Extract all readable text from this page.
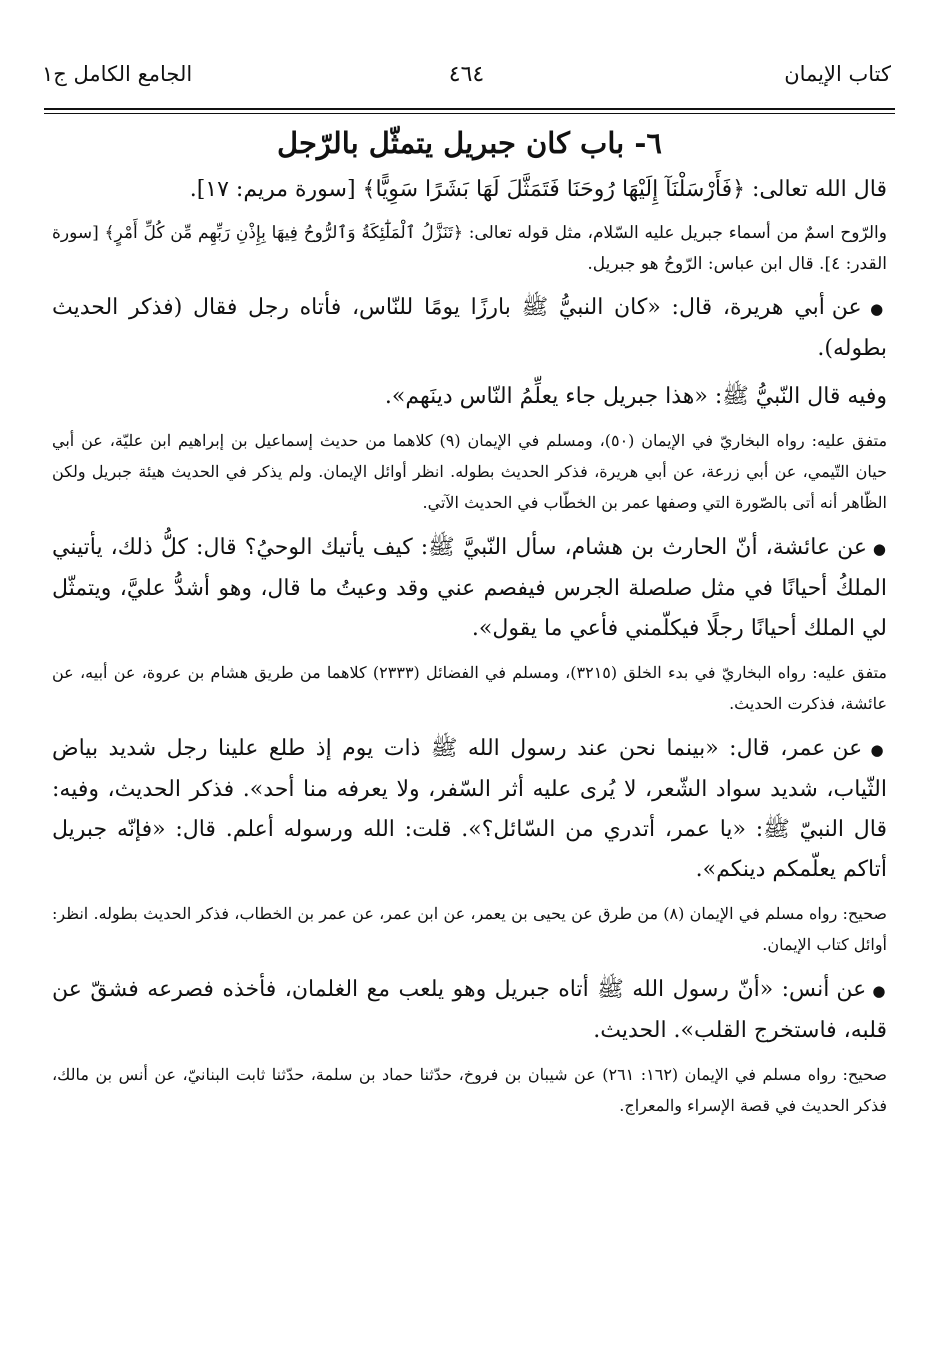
كتاب الإيمان
٤٦٤
الجامع الكامل ج١
٦- باب كان جبريل يتمثّل بالرّجل

قال الله تعالى: ﴿فَأَرْسَلْنَآ إِلَيْهَا رُوحَنَا فَتَمَثَّلَ لَهَا بَشَرًا سَوِيًّا﴾ [سورة مريم: ١٧].

والرّوح اسمٌ من أسماء جبريل عليه السّلام، مثل قوله تعالى: ﴿تَنَزَّلُ ٱلْمَلَٰٓئِكَةُ وَٱلرُّوحُ فِيهَا بِإِذْنِ رَبِّهِم مِّن كُلِّ أَمْرٍ﴾ [سورة القدر: ٤]. قال ابن عباس: الرّوحُ هو جبريل.

● عن أبي هريرة، قال: «كان النبيُّ ﷺ بارزًا يومًا للنّاس، فأتاه رجل فقال (فذكر الحديث بطوله).

وفيه قال النّبيُّ ﷺ: «هذا جبريل جاء يعلِّمُ النّاس دينَهم».

متفق عليه: رواه البخاريّ في الإيمان (٥٠)، ومسلم في الإيمان (٩) كلاهما من حديث إسماعيل بن إبراهيم ابن عليّة، عن أبي حيان التّيمي، عن أبي زرعة، عن أبي هريرة، فذكر الحديث بطوله. انظر أوائل الإيمان. ولم يذكر في الحديث هيئة جبريل ولكن الظّاهر أنه أتى بالصّورة التي وصفها عمر بن الخطّاب في الحديث الآتي.

● عن عائشة، أنّ الحارث بن هشام، سأل النّبيَّ ﷺ: كيف يأتيك الوحيُ؟ قال: كلُّ ذلك، يأتيني الملكُ أحيانًا في مثل صلصلة الجرس فيفصم عني وقد وعيتُ ما قال، وهو أشدُّ عليَّ، ويتمثّل لي الملك أحيانًا رجلًا فيكلّمني فأعي ما يقول».

متفق عليه: رواه البخاريّ في بدء الخلق (٣٢١٥)، ومسلم في الفضائل (٢٣٣٣) كلاهما من طريق هشام بن عروة، عن أبيه، عن عائشة، فذكرت الحديث.

● عن عمر، قال: «بينما نحن عند رسول الله ﷺ ذات يوم إذ طلع علينا رجل شديد بياض الثّياب، شديد سواد الشّعر، لا يُرى عليه أثر السّفر، ولا يعرفه منا أحد». فذكر الحديث، وفيه: قال النبيّ ﷺ: «يا عمر، أتدري من السّائل؟». قلت: الله ورسوله أعلم. قال: «فإنّه جبريل أتاكم يعلّمكم دينكم».

صحيح: رواه مسلم في الإيمان (٨) من طرق عن يحيى بن يعمر، عن ابن عمر، عن عمر بن الخطاب، فذكر الحديث بطوله. انظر: أوائل كتاب الإيمان.

● عن أنس: «أنّ رسول الله ﷺ أتاه جبريل وهو يلعب مع الغلمان، فأخذه فصرعه فشقّ عن قلبه، فاستخرج القلب». الحديث.

صحيح: رواه مسلم في الإيمان (١٦٢: ٢٦١) عن شيبان بن فروخ، حدّثنا حماد بن سلمة، حدّثنا ثابت البنانيّ، عن أنس بن مالك، فذكر الحديث في قصة الإسراء والمعراج.
